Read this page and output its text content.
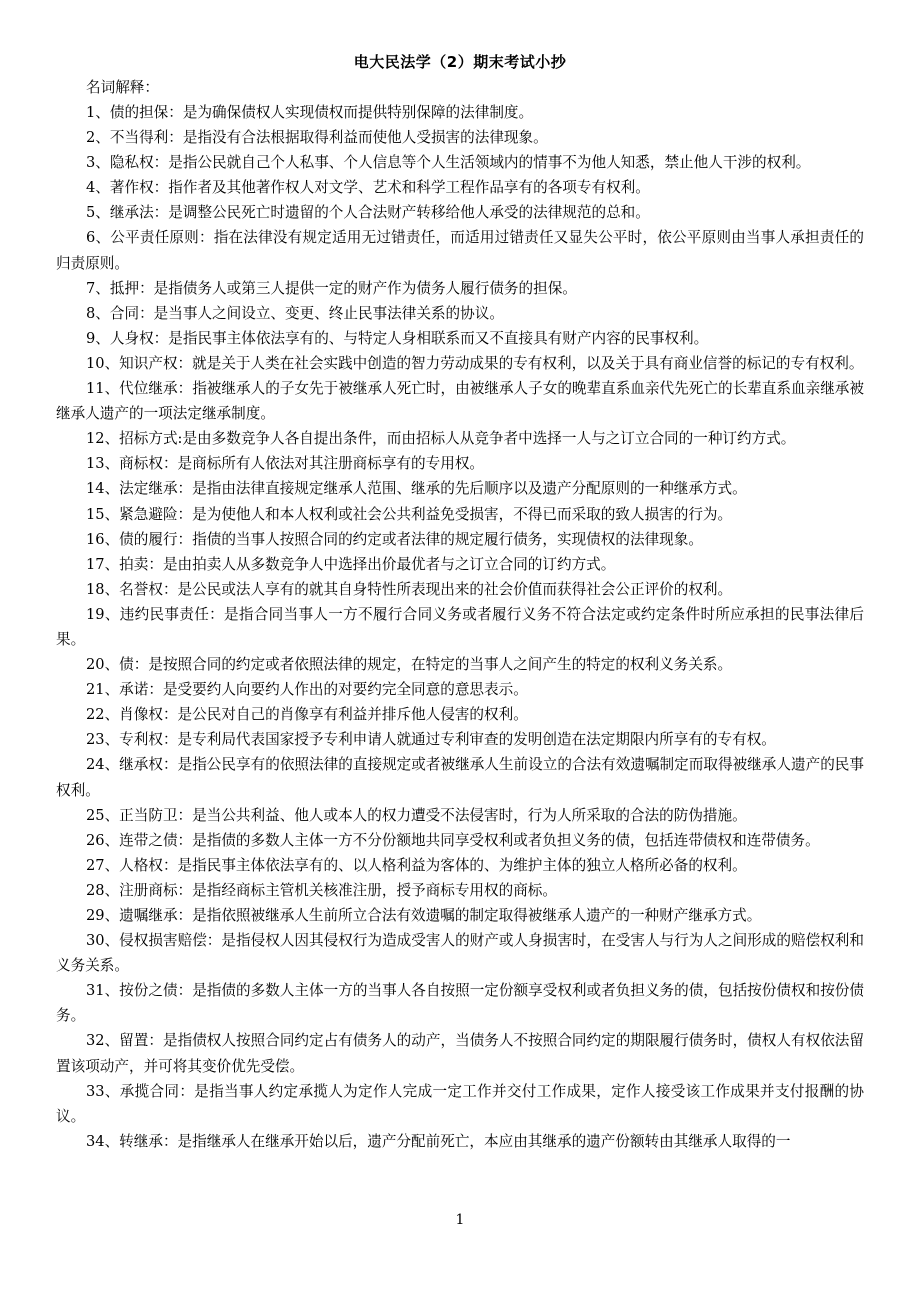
电大民法学（2）期末考试小抄

名词解释：

1、债的担保：是为确保债权人实现债权而提供特别保障的法律制度。
2、不当得利：是指没有合法根据取得利益而使他人受损害的法律现象。
3、隐私权：是指公民就自己个人私事、个人信息等个人生活领域内的情事不为他人知悉，禁止他人干涉的权利。
4、著作权：指作者及其他著作权人对文学、艺术和科学工程作品享有的各项专有权利。
5、继承法：是调整公民死亡时遗留的个人合法财产转移给他人承受的法律规范的总和。
6、公平责任原则：指在法律没有规定适用无过错责任，而适用过错责任又显失公平时，依公平原则由当事人承担责任的归责原则。
7、抵押：是指债务人或第三人提供一定的财产作为债务人履行债务的担保。
8、合同：是当事人之间设立、变更、终止民事法律关系的协议。
9、人身权：是指民事主体依法享有的、与特定人身相联系而又不直接具有财产内容的民事权利。
10、知识产权：就是关于人类在社会实践中创造的智力劳动成果的专有权利，以及关于具有商业信誉的标记的专有权利。
11、代位继承：指被继承人的子女先于被继承人死亡时，由被继承人子女的晚辈直系血亲代先死亡的长辈直系血亲继承被继承人遗产的一项法定继承制度。
12、招标方式:是由多数竞争人各自提出条件，而由招标人从竞争者中选择一人与之订立合同的一种订约方式。
13、商标权：是商标所有人依法对其注册商标享有的专用权。
14、法定继承：是指由法律直接规定继承人范围、继承的先后顺序以及遗产分配原则的一种继承方式。
15、紧急避险：是为使他人和本人权利或社会公共利益免受损害，不得已而采取的致人损害的行为。
16、债的履行：指债的当事人按照合同的约定或者法律的规定履行债务，实现债权的法律现象。
17、拍卖：是由拍卖人从多数竞争人中选择出价最优者与之订立合同的订约方式。
18、名誉权：是公民或法人享有的就其自身特性所表现出来的社会价值而获得社会公正评价的权利。
19、违约民事责任：是指合同当事人一方不履行合同义务或者履行义务不符合法定或约定条件时所应承担的民事法律后果。
20、债：是按照合同的约定或者依照法律的规定，在特定的当事人之间产生的特定的权利义务关系。
21、承诺：是受要约人向要约人作出的对要约完全同意的意思表示。
22、肖像权：是公民对自己的肖像享有利益并排斥他人侵害的权利。
23、专利权：是专利局代表国家授予专利申请人就通过专利审查的发明创造在法定期限内所享有的专有权。
24、继承权：是指公民享有的依照法律的直接规定或者被继承人生前设立的合法有效遗嘱制定而取得被继承人遗产的民事权利。
25、正当防卫：是当公共利益、他人或本人的权力遭受不法侵害时，行为人所采取的合法的防伪措施。
26、连带之债：是指债的多数人主体一方不分份额地共同享受权利或者负担义务的债，包括连带债权和连带债务。
27、人格权：是指民事主体依法享有的、以人格利益为客体的、为维护主体的独立人格所必备的权利。
28、注册商标：是指经商标主管机关核准注册，授予商标专用权的商标。
29、遗嘱继承：是指依照被继承人生前所立合法有效遗嘱的制定取得被继承人遗产的一种财产继承方式。
30、侵权损害赔偿：是指侵权人因其侵权行为造成受害人的财产或人身损害时，在受害人与行为人之间形成的赔偿权利和义务关系。
31、按份之债：是指债的多数人主体一方的当事人各自按照一定份额享受权利或者负担义务的债，包括按份债权和按份债务。
32、留置：是指债权人按照合同约定占有债务人的动产，当债务人不按照合同约定的期限履行债务时，债权人有权依法留置该项动产，并可将其变价优先受偿。
33、承揽合同：是指当事人约定承揽人为定作人完成一定工作并交付工作成果，定作人接受该工作成果并支付报酬的协议。
34、转继承：是指继承人在继承开始以后，遗产分配前死亡，本应由其继承的遗产份额转由其继承人取得的一
1
